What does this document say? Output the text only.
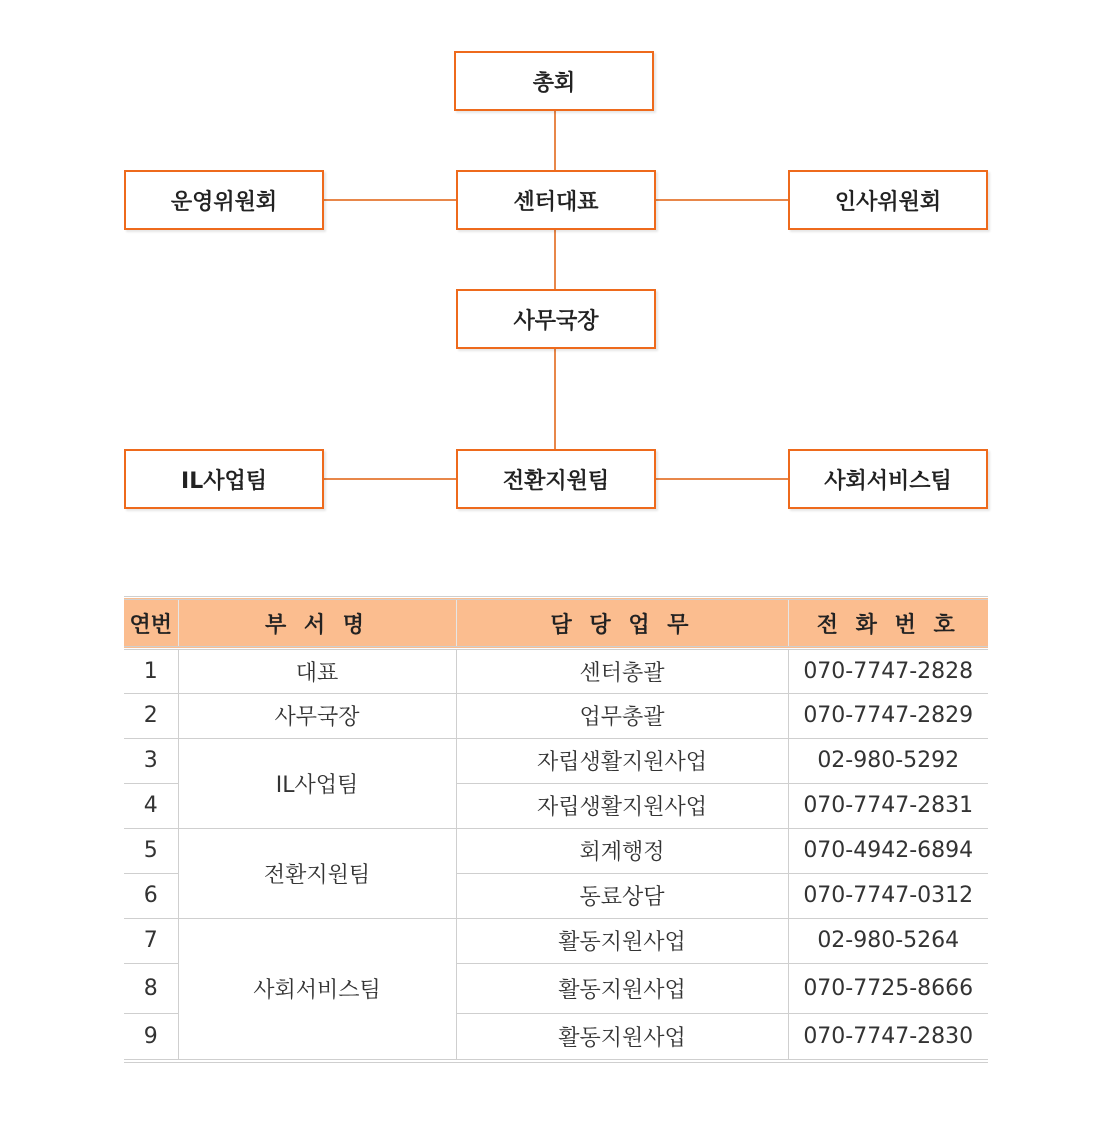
총회
운영위원회	센터대표	인사위원회
사무국장
IL사업팀	전환지원팀	사회서비스팀
연번	부 서 명	담 당 업 무	전 화 번 호
1	대표	센터총괄	070-7747-2828
2	사무국장	업무총괄	070-7747-2829
3	IL사업팀	자립생활지원사업	02-980-5292
4		자립생활지원사업	070-7747-2831
5	전환지원팀	회계행정	070-4942-6894
6		동료상담	070-7747-0312
7	사회서비스팀	활동지원사업	02-980-5264
8		활동지원사업	070-7725-8666
9		활동지원사업	070-7747-2830
